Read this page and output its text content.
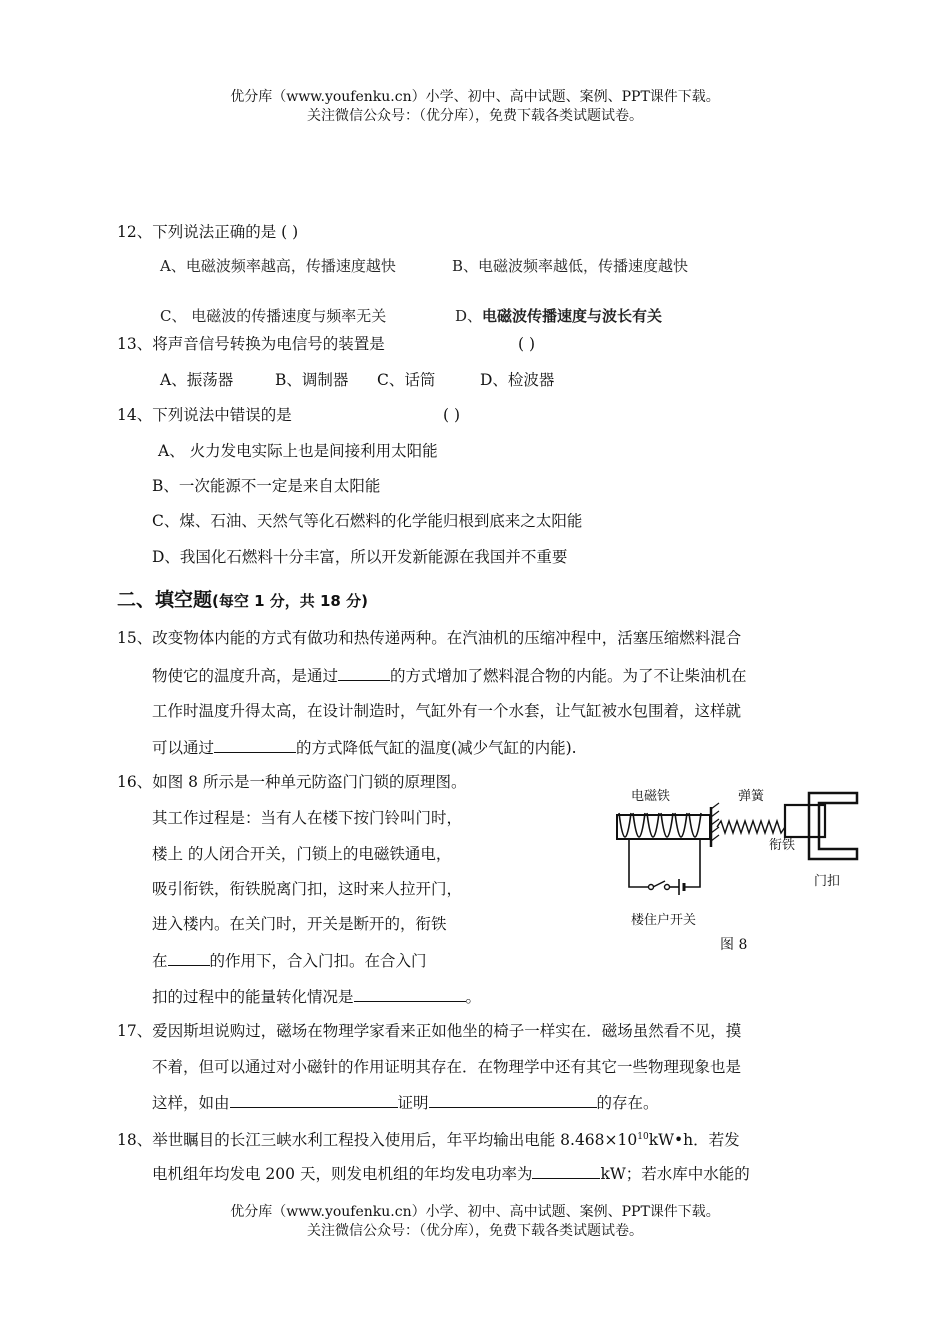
优分库（www.youfenku.cn）小学、初中、高中试题、案例、PPT课件下载。
关注微信公众号：（优分库），免费下载各类试题试卷。
12、下列说法正确的是 ( )
A、电磁波频率越高，传播速度越快	B、电磁波频率越低，传播速度越快
C、 电磁波的传播速度与频率无关	D、电磁波传播速度与波长有关
13、将声音信号转换为电信号的装置是	( )
A、振荡器	B、调制器 C、话筒	D、检波器
14、下列说法中错误的是	( )
A、 火力发电实际上也是间接利用太阳能
B、一次能源不一定是来自太阳能
C、煤、石油、天然气等化石燃料的化学能归根到底来之太阳能
D、我国化石燃料十分丰富，所以开发新能源在我国并不重要
二、填空题(每空 1 分，共 18 分)
15、改变物体内能的方式有做功和热传递两种。在汽油机的压缩冲程中，活塞压缩燃料混合
物使它的温度升高，是通过	的方式增加了燃料混合物的内能。为了不让柴油机在
工作时温度升得太高，在设计制造时，气缸外有一个水套，让气缸被水包围着，这样就
可以通过	的方式降低气缸的温度(减少气缸的内能).
16、如图 8 所示是一种单元防盗门门锁的原理图。
其工作过程是：当有人在楼下按门铃叫门时，
楼上 的人闭合开关，门锁上的电磁铁通电，
吸引衔铁，衔铁脱离门扣，这时来人拉开门，
进入楼内。在关门时，开关是断开的，衔铁
在	的作用下，合入门扣。在合入门
扣的过程中的能量转化情况是	。
电磁铁	弹簧
衔铁
门扣
楼住户开关
图 8
17、爱因斯坦说购过，磁场在物理学家看来正如他坐的椅子一样实在．磁场虽然看不见，摸
不着，但可以通过对小磁针的作用证明其存在．在物理学中还有其它一些物理现象也是
这样，如由	证明	的存在。
18、举世瞩目的长江三峡水利工程投入使用后，年平均输出电能 $8.468\times 10^{10}kW•h$．若发
电机组年均发电 200 天，则发电机组的年均发电功率为	kW；若水库中水能的
优分库（www.youfenku.cn）小学、初中、高中试题、案例、PPT课件下载。
关注微信公众号：（优分库），免费下载各类试题试卷。
